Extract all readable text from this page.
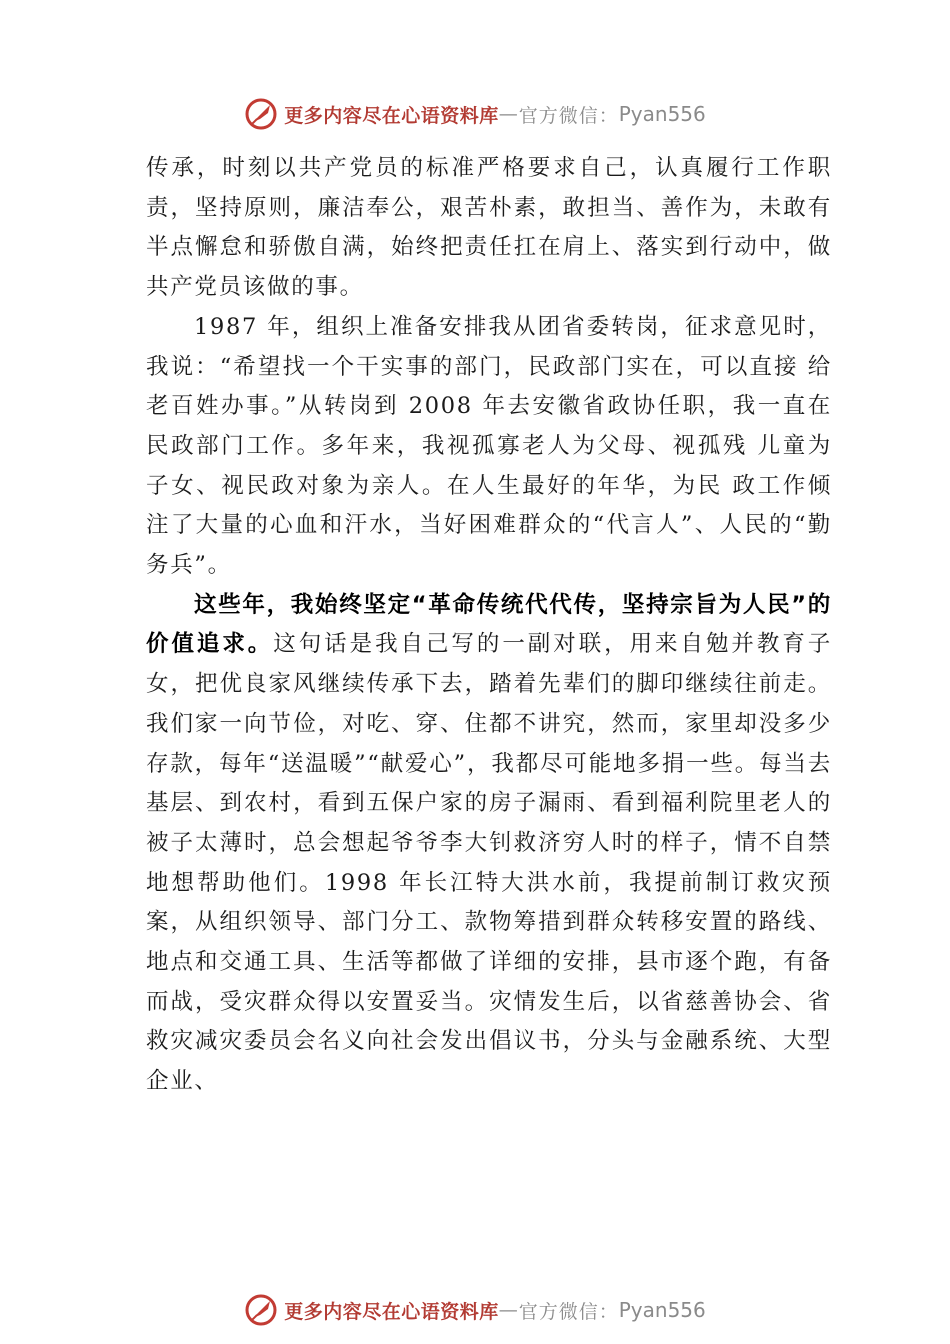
更多内容尽在心语资料库 — 官方微信： Pyan556

传承，时刻以共产党员的标准严格要求自己，认真履行工作职责，坚持原则，廉洁奉公，艰苦朴素，敢担当、善作为，未敢有半点懈怠和骄傲自满，始终把责任扛在肩上、落实到行动中，做共产党员该做的事。

1987 年，组织上准备安排我从团省委转岗，征求意见时，我说：“希望找一个干实事的部门，民政部门实在，可以直接 给老百姓办事。”从转岗到 2008 年去安徽省政协任职，我一直在民政部门工作。多年来，我视孤寡老人为父母、视孤残 儿童为子女、视民政对象为亲人。在人生最好的年华，为民 政工作倾注了大量的心血和汗水，当好困难群众的“代言人”、人民的“勤务兵”。

这些年，我始终坚定“革命传统代代传，坚持宗旨为人民”的价值追求。这句话是我自己写的一副对联，用来自勉并教育子女，把优良家风继续传承下去，踏着先辈们的脚印继续往前走。我们家一向节俭，对吃、穿、住都不讲究，然而，家里却没多少存款，每年“送温暖”“献爱心”，我都尽可能地多捐一些。每当去基层、到农村，看到五保户家的房子漏雨、看到福利院里老人的被子太薄时，总会想起爷爷李大钊救济穷人时的样子，情不自禁地想帮助他们。1998 年长江特大洪水前，我提前制订救灾预案，从组织领导、部门分工、款物筹措到群众转移安置的路线、地点和交通工具、生活等都做了详细的安排，县市逐个跑，有备而战，受灾群众得以安置妥当。灾情发生后，以省慈善协会、省救灾减灾委员会名义向社会发出倡议书，分头与金融系统、大型企业、

更多内容尽在心语资料库 — 官方微信： Pyan556
